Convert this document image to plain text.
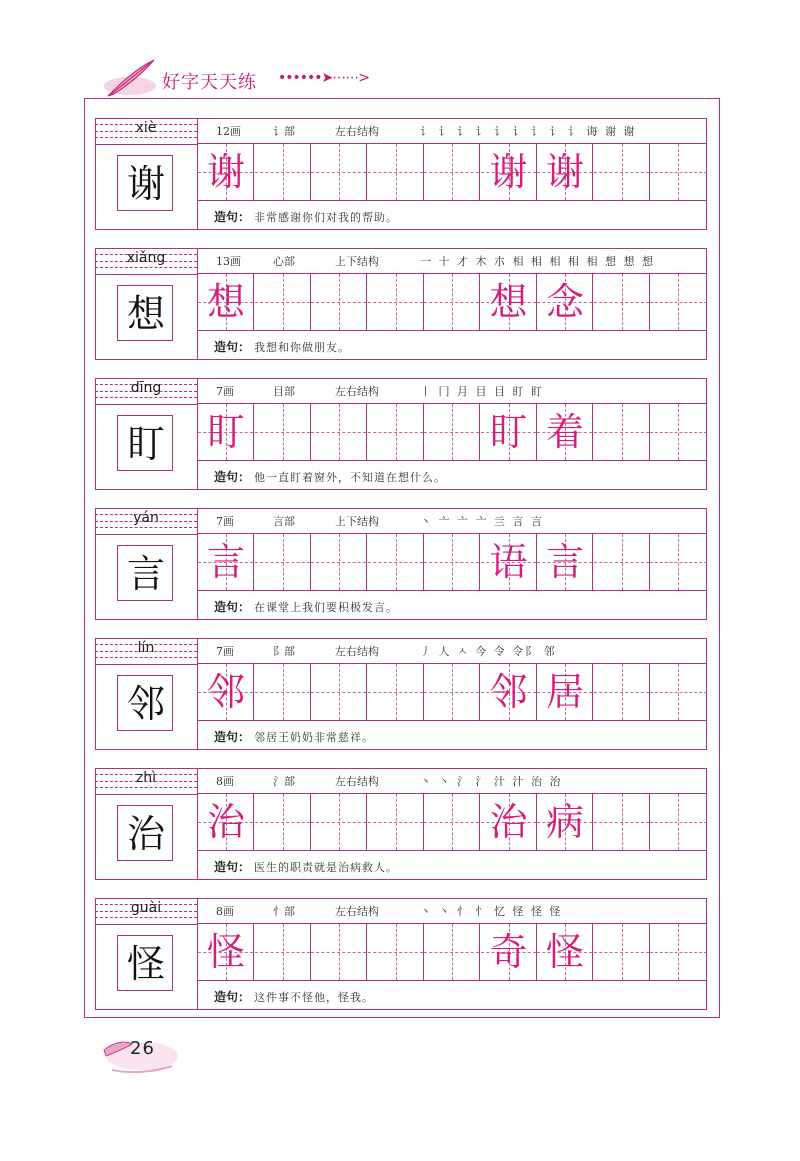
好字天天练 ••••••➤⋯⋯>
xiè
谢
12画	讠部	左右结构	讠 讠 讠 讠 讠 讠 讠 讠 讠 诲 谢 谢
谢	谢 谢
造句： 非常感谢你们对我的帮助。
xiǎng
想
13画	心部	上下结构	一 十 才 木 朩 相 相 相 相 相 想 想 想
想	想 念
造句： 我想和你做朋友。
dīng
盯
7画	目部	左右结构	丨 冂 月 目 目 盯 盯
盯	盯 着
造句： 他一直盯着窗外，不知道在想什么。
yán
言
7画	言部	上下结构	丶 亠 亠 亠 亖 言 言
言	语 言
造句： 在课堂上我们要积极发言。
lín
邻
7画	阝部	左右结构	丿 人 ㅅ 今 令 令阝 邻
邻	邻 居
造句： 邻居王奶奶非常慈祥。
zhì
治
8画	氵部	左右结构	丶 丶 氵 氵 汁 汁 治 治
治	治 病
造句： 医生的职责就是治病救人。
guài
怪
8画	忄部	左右结构	丶 丶 忄 忄 忆 怪 怪 怪
怪	奇 怪
造句： 这件事不怪他，怪我。
26
